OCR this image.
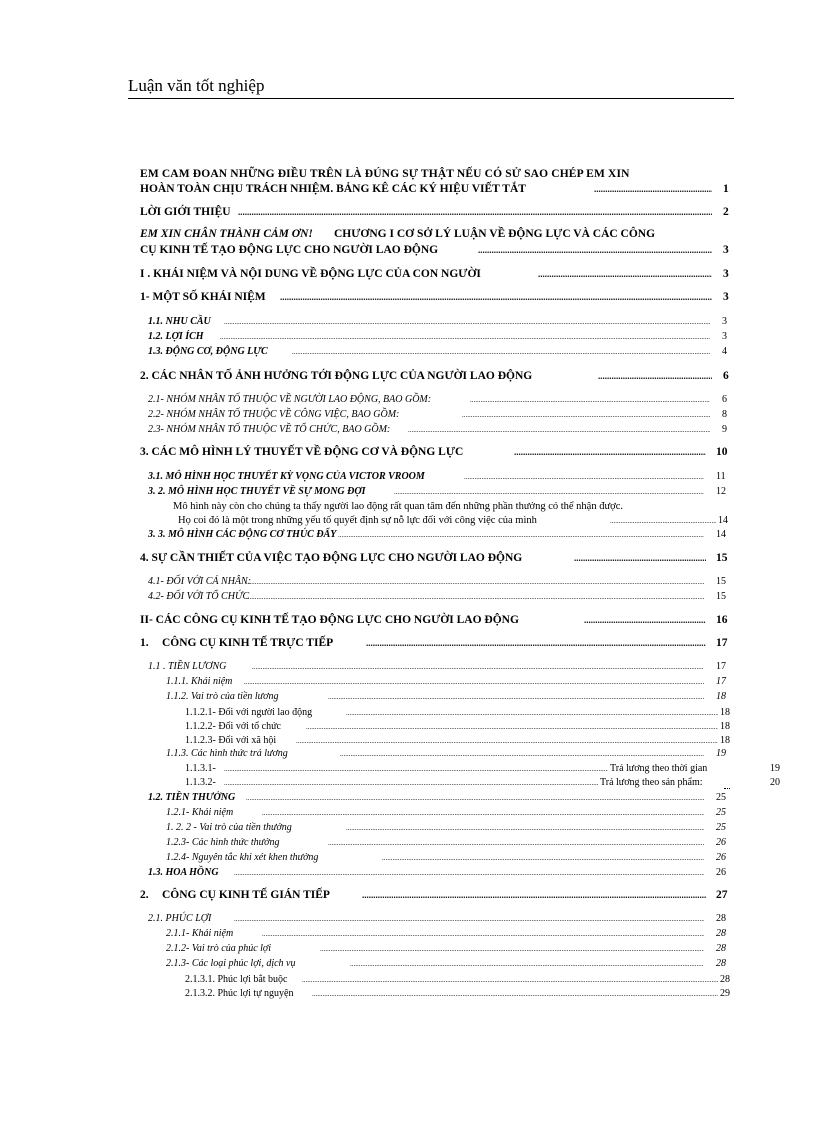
Luận văn tốt nghiệp
EM CAM ĐOAN NHỮNG ĐIỀU TRÊN LÀ ĐÚNG SỰ THẬT NẾU CÓ SỬ SAO CHÉP EM XIN
HOÀN TOÀN CHỊU TRÁCH NHIỆM. BẢNG KÊ CÁC KÝ HIỆU VIẾT TẮT .....	1
LỜI GIỚI THIỆU .....	2
EM XIN CHÂN THÀNH CẢM ƠN! CHƯƠNG I CƠ SỞ LÝ LUẬN VỀ ĐỘNG LỰC VÀ CÁC CÔNG
CỤ KINH TẾ TẠO ĐỘNG LỰC CHO NGƯỜI LAO ĐỘNG .....	3
I . KHÁI NIỆM VÀ NỘI DUNG VỀ ĐỘNG LỰC CỦA CON NGƯỜI .....	3
1- MỘT SỐ KHÁI NIỆM .....	3
1.1. NHU CẦU .....	3
1.2. LỢI ÍCH .....	3
1.3. ĐỘNG CƠ, ĐỘNG LỰC .....	4
2. CÁC NHÂN TỐ ẢNH HƯỞNG TỚI ĐỘNG LỰC CỦA NGƯỜI LAO ĐỘNG .....	6
2.1- NHÓM NHÂN TỐ THUỘC VỀ NGƯỜI LAO ĐỘNG, BAO GỒM: .....	6
2.2- NHÓM NHÂN TỐ THUỘC VỀ CÔNG VIỆC, BAO GỒM: .....	8
2.3- NHÓM NHÂN TỐ THUỘC VỀ TỔ CHỨC, BAO GỒM: .....	9
3. CÁC MÔ HÌNH LÝ THUYẾT VỀ ĐỘNG CƠ VÀ ĐỘNG LỰC .....	10
3.1. MÔ HÌNH HỌC THUYẾT KỲ VỌNG CỦA VICTOR VROOM .....	11
3. 2. MÔ HÌNH HỌC THUYẾT VỀ SỰ MONG ĐỢI .....	12
Mô hình này còn cho chúng ta thấy người lao động rất quan tâm đến những phần thưởng có thể nhận được.
Họ coi đó là một trong những yếu tố quyết định sự nỗ lực đối với công việc của mình .....	14
3. 3. MÔ HÌNH CÁC ĐỘNG CƠ THÚC ĐẨY .....	14
4. SỰ CẦN THIẾT CỦA VIỆC TẠO ĐỘNG LỰC CHO NGƯỜI LAO ĐỘNG .....	15
4.1- ĐỐI VỚI CÁ NHÂN: .....	15
4.2- ĐỐI VỚI TỔ CHỨC .....	15
II- CÁC CÔNG CỤ KINH TẾ TẠO ĐỘNG LỰC CHO NGƯỜI LAO ĐỘNG .....	16
1. CÔNG CỤ KINH TẾ TRỰC TIẾP .....	17
1.1 . TIỀN LƯƠNG .....	17
1.1.1. Khái niệm .....	17
1.1.2. Vai trò của tiền lương .....	18
1.1.2.1- Đối với người lao động .....	18
1.1.2.2- Đối với tổ chức .....	18
1.1.2.3- Đối với xã hội .....	18
1.1.3. Các hình thức trả lương .....	19
1.1.3.1- .....	Trả lương theo thời gian	19
1.1.3.2- .....	Trả lương theo sản phẩm:	20
1.2. TIỀN THƯỞNG .....	25
1.2.1- Khái niệm .....	25
1. 2. 2 - Vai trò của tiền thưởng .....	25
1.2.3- Các hình thức thưởng .....	26
1.2.4- Nguyên tắc khi xét khen thưởng .....	26
1.3. HOA HỒNG .....	26
2. CÔNG CỤ KINH TẾ GIÁN TIẾP .....	27
2.1. PHÚC LỢI .....	28
2.1.1- Khái niệm .....	28
2.1.2- Vai trò của phúc lợi .....	28
2.1.3- Các loại phúc lợi, dịch vụ .....	28
2.1.3.1. Phúc lợi bắt buộc .....	28
2.1.3.2. Phúc lợi tự nguyện .....	29
